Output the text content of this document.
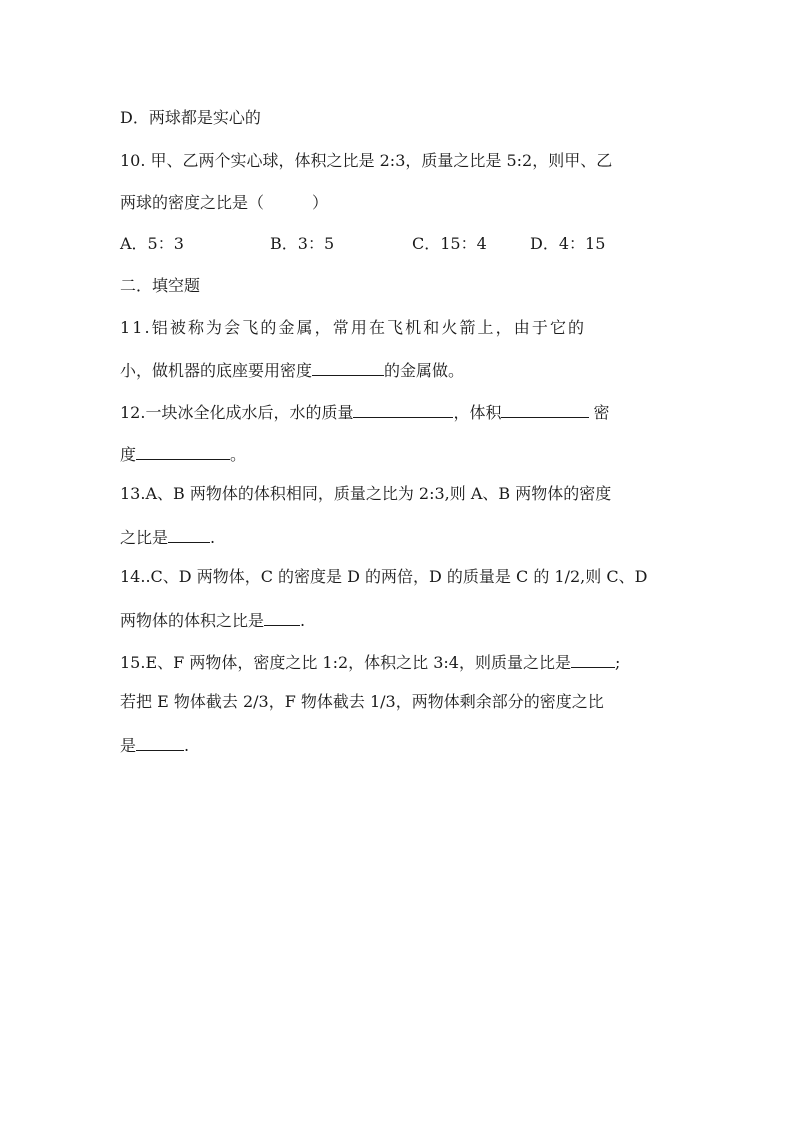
D．两球都是实心的
10. 甲、乙两个实心球，体积之比是 2:3，质量之比是 5:2，则甲、乙
两球的密度之比是（	）
A．5：3	B．3：5	C．15：4	D．4：15
二．填空题
11.铝被称为会飞的金属，常用在飞机和火箭上，由于它的
小，做机器的底座要用密度	的金属做。
12.一块冰全化成水后，水的质量	，体积	密
度	。
13.A、B 两物体的体积相同，质量之比为 2:3,则 A、B 两物体的密度
之比是	.
14..C、D 两物体，C 的密度是 D 的两倍，D 的质量是 C 的 1/2,则 C、D
两物体的体积之比是 .
15.E、F 两物体，密度之比 1:2，体积之比 3:4，则质量之比是	;
若把 E 物体截去 2/3，F 物体截去 1/3，两物体剩余部分的密度之比
是	.
